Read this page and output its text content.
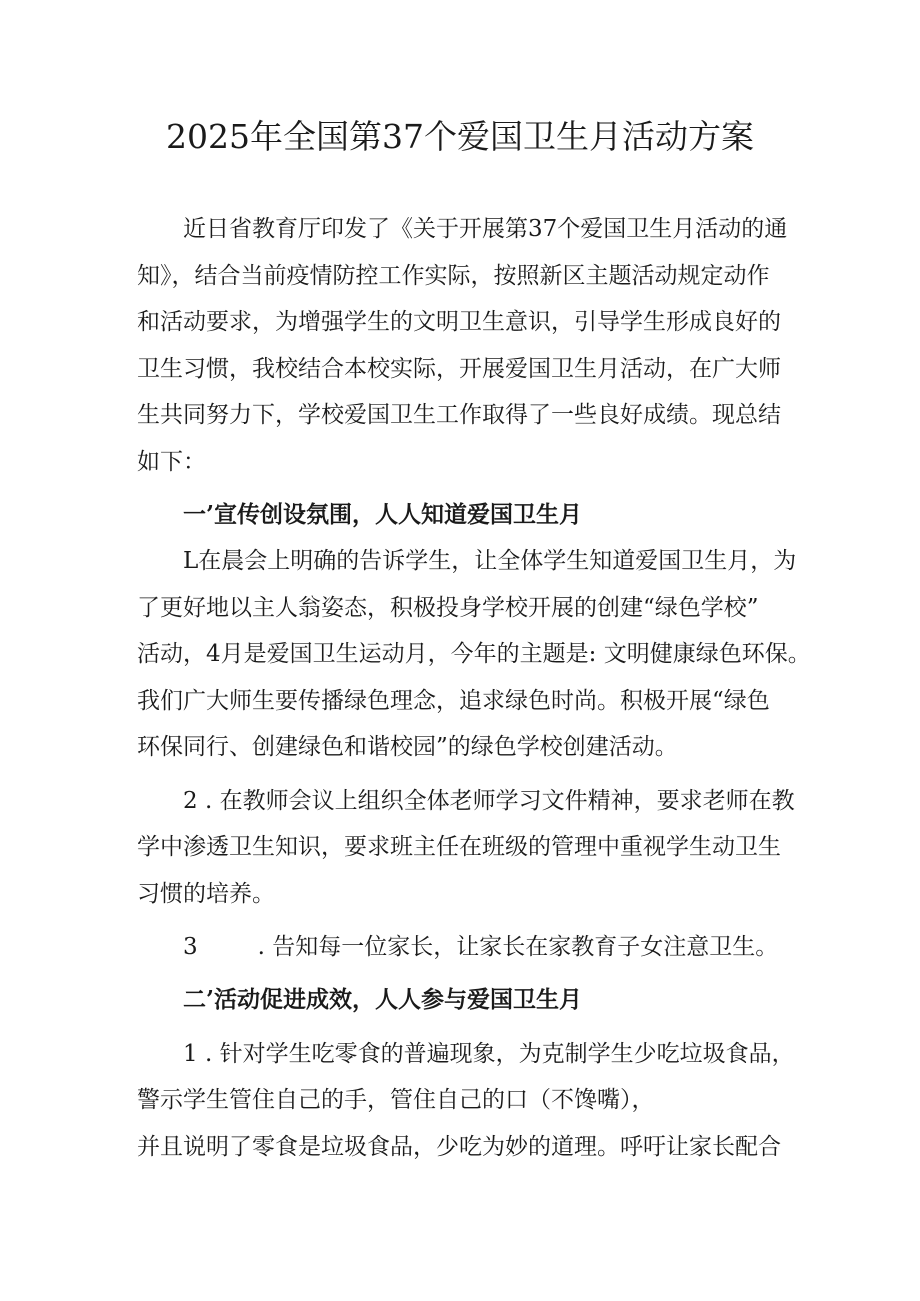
2025年全国第37个爱国卫生月活动方案

近日省教育厅印发了《关于开展第37个爱国卫生月活动的通

知》，结合当前疫情防控工作实际，按照新区主题活动规定动作

和活动要求，为增强学生的文明卫生意识，引导学生形成良好的

卫生习惯，我校结合本校实际，开展爱国卫生月活动，在广大师

生共同努力下，学校爱国卫生工作取得了一些良好成绩。现总结

如下：

一’宣传创设氛围，人人知道爱国卫生月

L在晨会上明确的告诉学生，让全体学生知道爱国卫生月，为

了更好地以主人翁姿态，积极投身学校开展的创建“绿色学校”

活动，4月是爱国卫生运动月，今年的主题是: 文明健康绿色环保。

我们广大师生要传播绿色理念，追求绿色时尚。积极开展“绿色

环保同行、创建绿色和谐校园”的绿色学校创建活动。

2 . 在教师会议上组织全体老师学习文件精神，要求老师在教

学中渗透卫生知识，要求班主任在班级的管理中重视学生动卫生

习惯的培养。

3	. 告知每一位家长，让家长在家教育子女注意卫生。

二’活动促进成效，人人参与爱国卫生月

1 . 针对学生吃零食的普遍现象，为克制学生少吃垃圾食品，

警示学生管住自己的手，管住自己的口（不馋嘴），

并且说明了零食是垃圾食品，少吃为妙的道理。呼吁让家长配合
